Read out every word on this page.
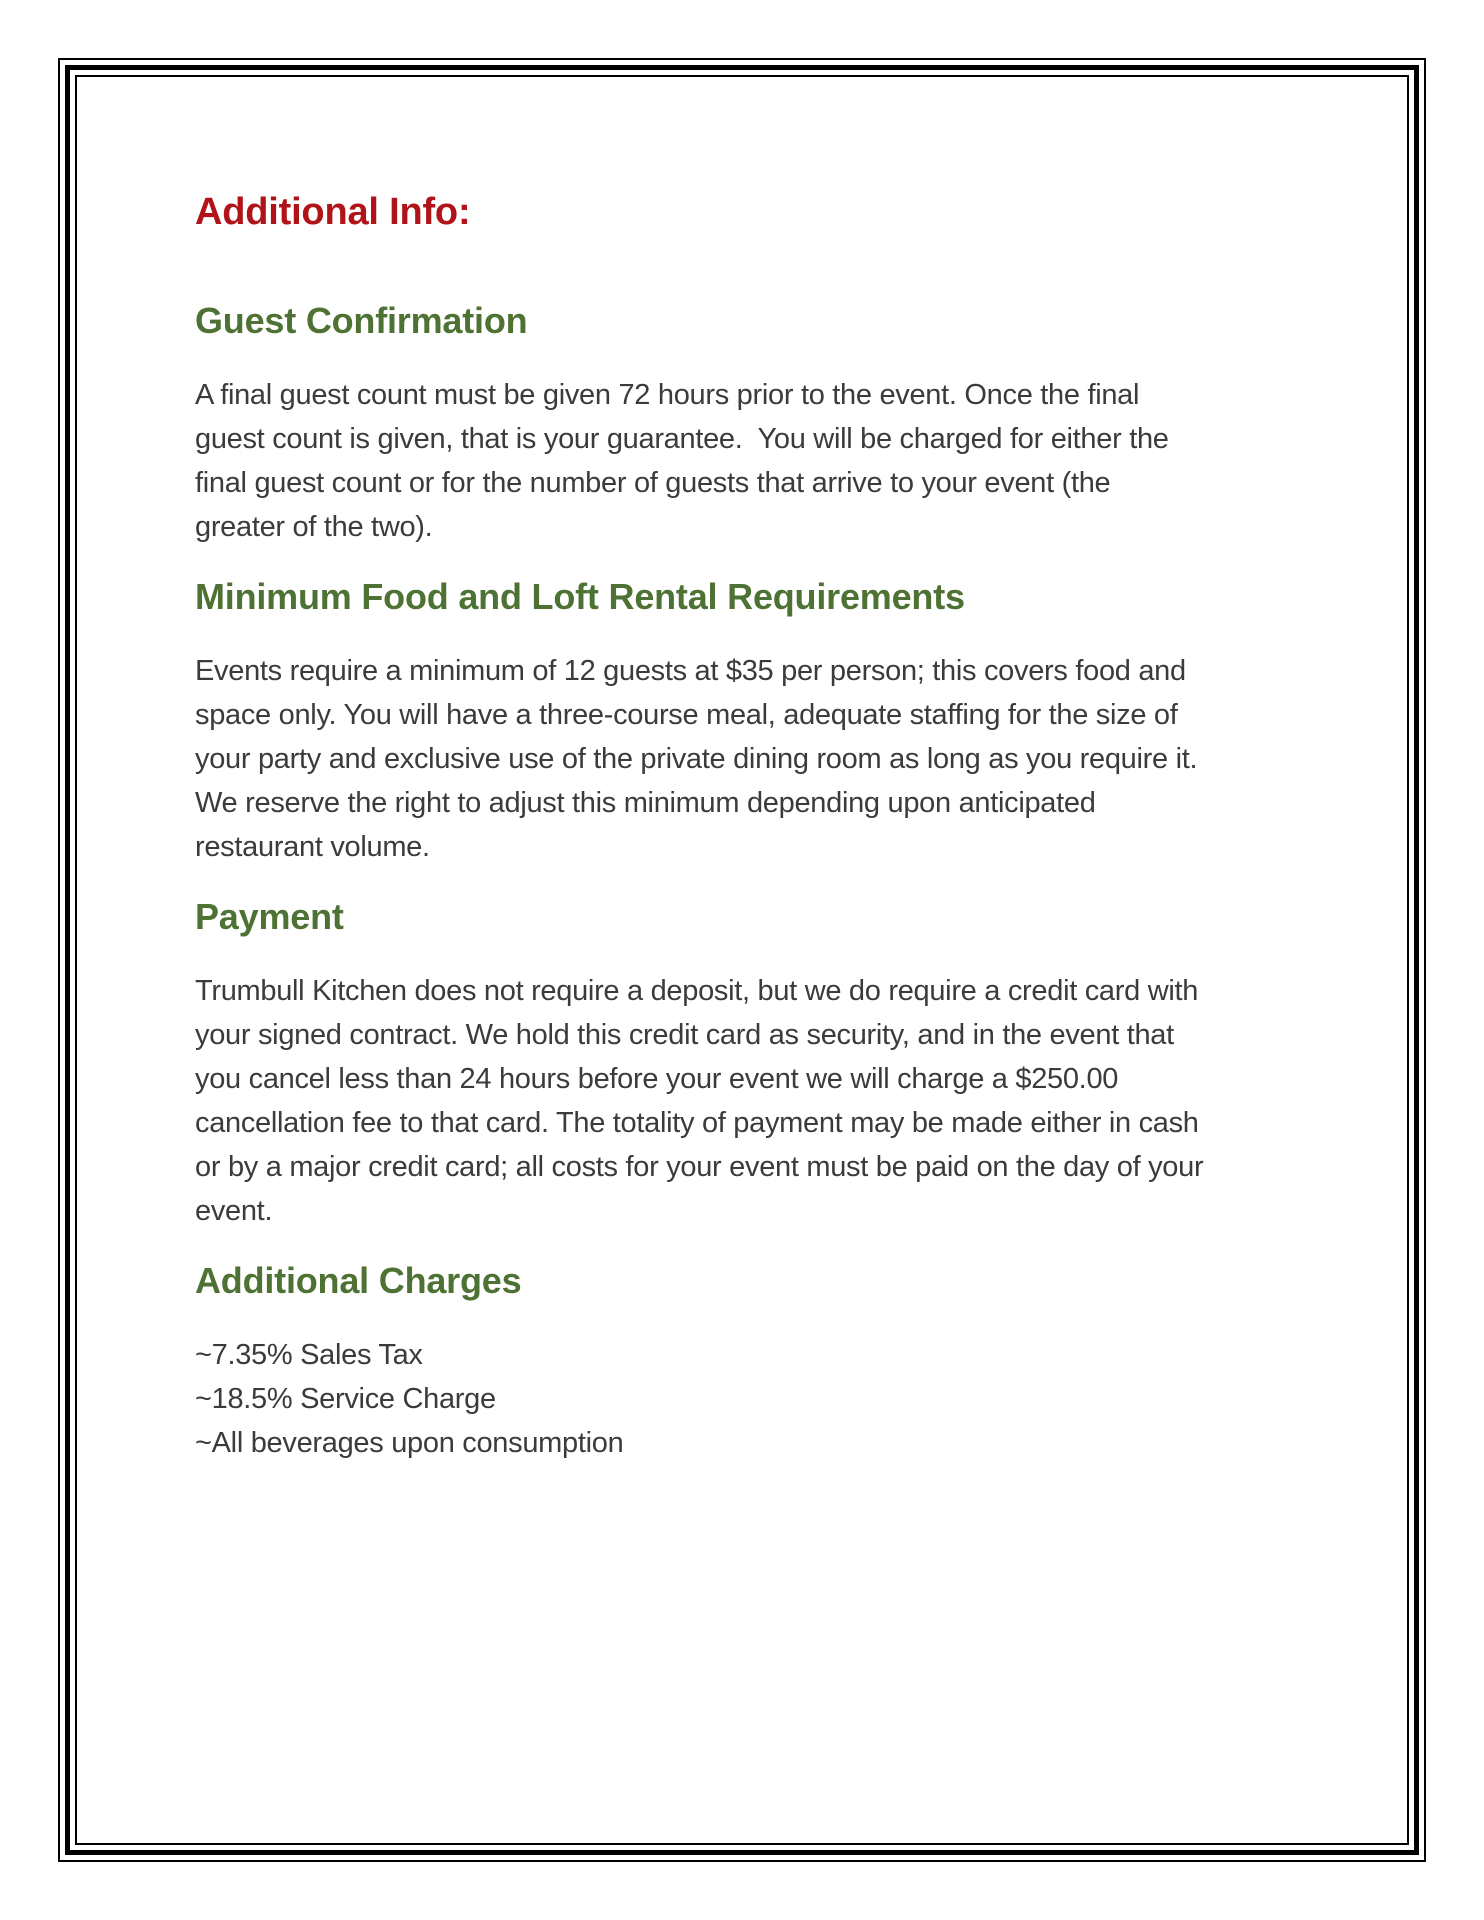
Additional Info:
Guest Confirmation
A final guest count must be given 72 hours prior to the event. Once the final
guest count is given, that is your guarantee.  You will be charged for either the
final guest count or for the number of guests that arrive to your event (the
greater of the two).
Minimum Food and Loft Rental Requirements
Events require a minimum of 12 guests at $35 per person; this covers food and
space only. You will have a three-course meal, adequate staffing for the size of
your party and exclusive use of the private dining room as long as you require it.
We reserve the right to adjust this minimum depending upon anticipated
restaurant volume.
Payment
Trumbull Kitchen does not require a deposit, but we do require a credit card with
your signed contract. We hold this credit card as security, and in the event that
you cancel less than 24 hours before your event we will charge a $250.00
cancellation fee to that card. The totality of payment may be made either in cash
or by a major credit card; all costs for your event must be paid on the day of your
event.
Additional Charges
~7.35% Sales Tax
~18.5% Service Charge
~All beverages upon consumption
